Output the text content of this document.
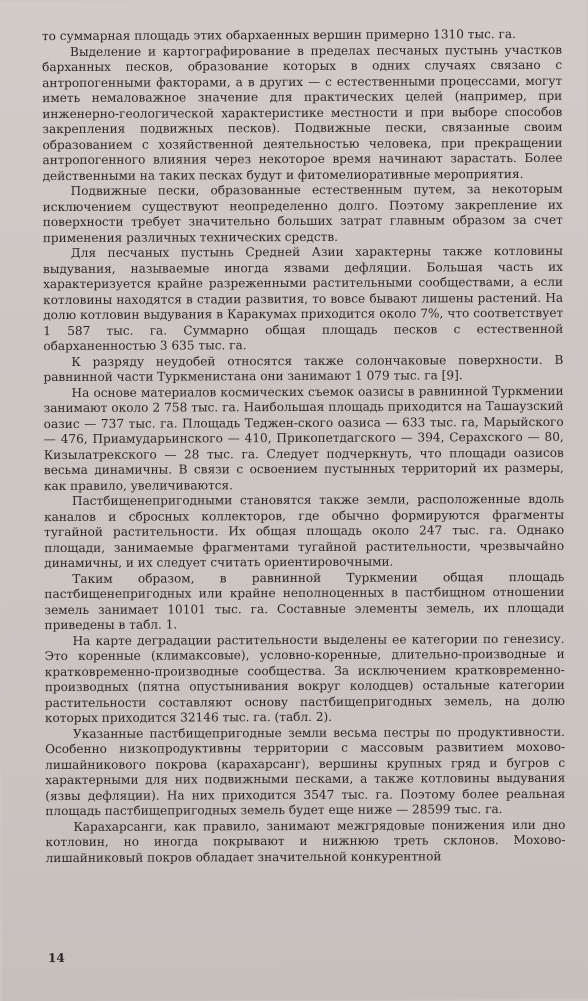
то суммарная площадь этих обархаенных вершин примерно 1310 тыс. га.

Выделение и картографирование в пределах песчаных пустынь участков барханных песков, образование которых в одних случаях связано с антропогенными факторами, а в других — с естественными процессами, могут иметь немаловажное значение для практических целей (например, при инженерно-геологической характеристике местности и при выборе способов закрепления подвижных песков). Подвижные пески, связанные своим образованием с хозяйственной деятельностью человека, при прекращении антропогенного влияния через некоторое время начинают зарастать. Более действенными на таких песках будут и фитомелиоративные мероприятия.

Подвижные пески, образованные естественным путем, за некоторым исключением существуют неопределенно долго. Поэтому закрепление их поверхности требует значительно больших затрат главным образом за счет применения различных технических средств.

Для песчаных пустынь Средней Азии характерны также котловины выдувания, называемые иногда язвами дефляции. Большая часть их характеризуется крайне разреженными растительными сообществами, а если котловины находятся в стадии развития, то вовсе бывают лишены растений. На долю котловин выдувания в Каракумах приходится около 7%, что соответствует 1 587 тыс. га. Суммарно общая площадь песков с естественной обарханенностью 3 635 тыс. га.

К разряду неудобей относятся также солончаковые поверхности. В равнинной части Туркменистана они занимают 1 079 тыс. га [9].

На основе материалов космических съемок оазисы в равнинной Туркмении занимают около 2 758 тыс. га. Наибольшая площадь приходится на Ташаузский оазис — 737 тыс. га. Площадь Теджен-ского оазиса — 633 тыс. га, Марыйского — 476, Приамударьинского — 410, Прикопетдагского — 394, Серахского — 80, Кизылатрекского — 28 тыс. га. Следует подчеркнуть, что площади оазисов весьма динамичны. В связи с освоением пустынных территорий их размеры, как правило, увеличиваются.

Пастбищенепригодными становятся также земли, расположенные вдоль каналов и сбросных коллекторов, где обычно формируются фрагменты тугайной растительности. Их общая площадь около 247 тыс. га. Однако площади, занимаемые фрагментами тугайной растительности, чрезвычайно динамичны, и их следует считать ориентировочными.

Таким образом, в равнинной Туркмении общая площадь пастбищенепригодных или крайне неполноценных в пастбищном отношении земель занимает 10101 тыс. га. Составные элементы земель, их площади приведены в табл. 1.

На карте деградации растительности выделены ее категории по генезису. Это коренные (климаксовые), условно-коренные, длительно-производные и кратковременно-производные сообщества. За исключением кратковременно-производных (пятна опустынивания вокруг колодцев) остальные категории растительности составляют основу пастбищепригодных земель, на долю которых приходится 32146 тыс. га. (табл. 2).

Указанные пастбищепригодные земли весьма пестры по продуктивности. Особенно низкопродуктивны территории с массовым развитием мохово-лишайникового покрова (карахарсанг), вершины крупных гряд и бугров с характерными для них подвижными песками, а также котловины выдувания (язвы дефляции). На них приходится 3547 тыс. га. Поэтому более реальная площадь пастбищепригодных земель будет еще ниже — 28599 тыс. га.

Карахарсанги, как правило, занимают межгрядовые понижения или дно котловин, но иногда покрывают и нижнюю треть склонов. Мохово-лишайниковый покров обладает значительной конкурентной

14
